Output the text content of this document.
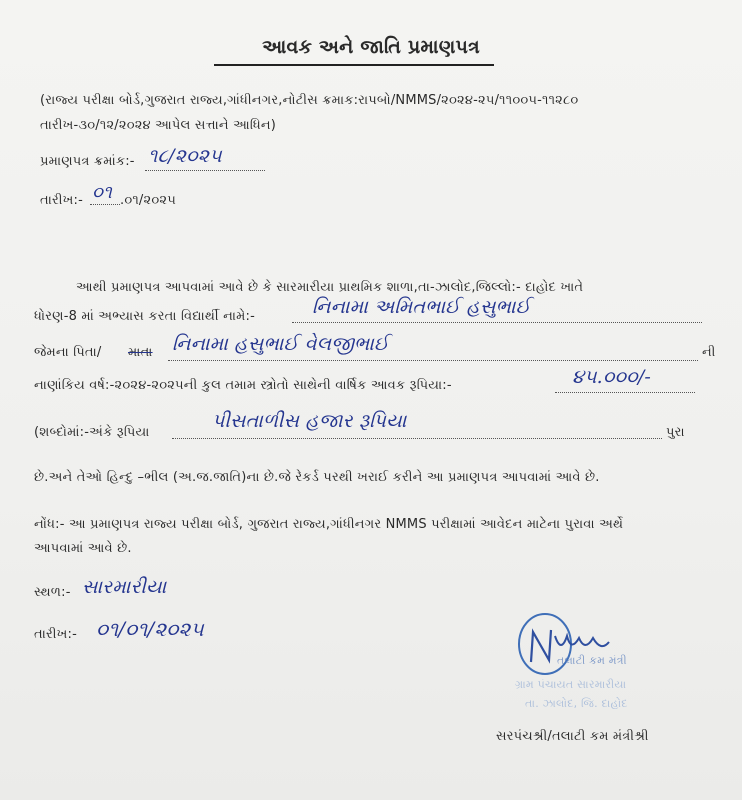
આવક અને જાતિ પ્રમાણપત્ર
(રાજ્ય પરીક્ષા બોર્ડ,ગુજરાત રાજ્ય,ગાંધીનગર,નોટીસ ક્રમાક:રાપબો/NMMS/૨૦૨૪-૨૫/૧૧૦૦૫-૧૧૨૮૦
તારીખ-૩૦/૧૨/૨૦૨૪ આપેલ સત્તાને આધિન)
પ્રમાણપત્ર ક્રમાંક:- ૧૮/૨૦૨૫
તારીખ:- ૦૧ .૦૧/૨૦૨૫
આથી પ્રમાણપત્ર આપવામાં આવે છે કે સારમારીયા પ્રાથમિક શાળા,તા-ઝાલોદ,જિલ્લો:- દાહોદ ખાતે
ધોરણ-8 માં અભ્યાસ કરતા વિદ્યાર્થી નામે:-	નિનામા અમિતભાઈ હસુભાઈ
જેમના પિતા/ માતા નિનામા હસુભાઈ વેલજીભાઈ	ની
નાણાંકિય વર્ષ:-૨૦૨૪-૨૦૨૫ની કુલ તમામ સ્ત્રોતો સાથેની વાર્ષિક આવક રૂપિયા:-	૪૫.૦૦૦/-
(શબ્દોમાં:-અંકે રૂપિયા
પીસતાળીસ હજાર રૂપિયા
પુરા
છે.અને તેઓ હિન્દુ –ભીલ (અ.જ.જાતિ)ના છે.જે રેકર્ડ પરથી ખરાઈ કરીને આ પ્રમાણપત્ર આપવામાં આવે છે.
નોંધ:- આ પ્રમાણપત્ર રાજ્ય પરીક્ષા બોર્ડ, ગુજરાત રાજ્ય,ગાંધીનગર NMMS પરીક્ષામાં આવેદન માટેના પુરાવા અર્થે
આપવામાં આવે છે.
સ્થળ:- સારમારીયા
તારીખ:- ૦૧/૦૧/૨૦૨૫
તલાટી કમ મંત્રી
ગ્રામ પંચાયત સારમારીયા
તા. ઝાલોદ, જિ. દાહોદ
સરપંચશ્રી/તલાટી કમ મંત્રીશ્રી
